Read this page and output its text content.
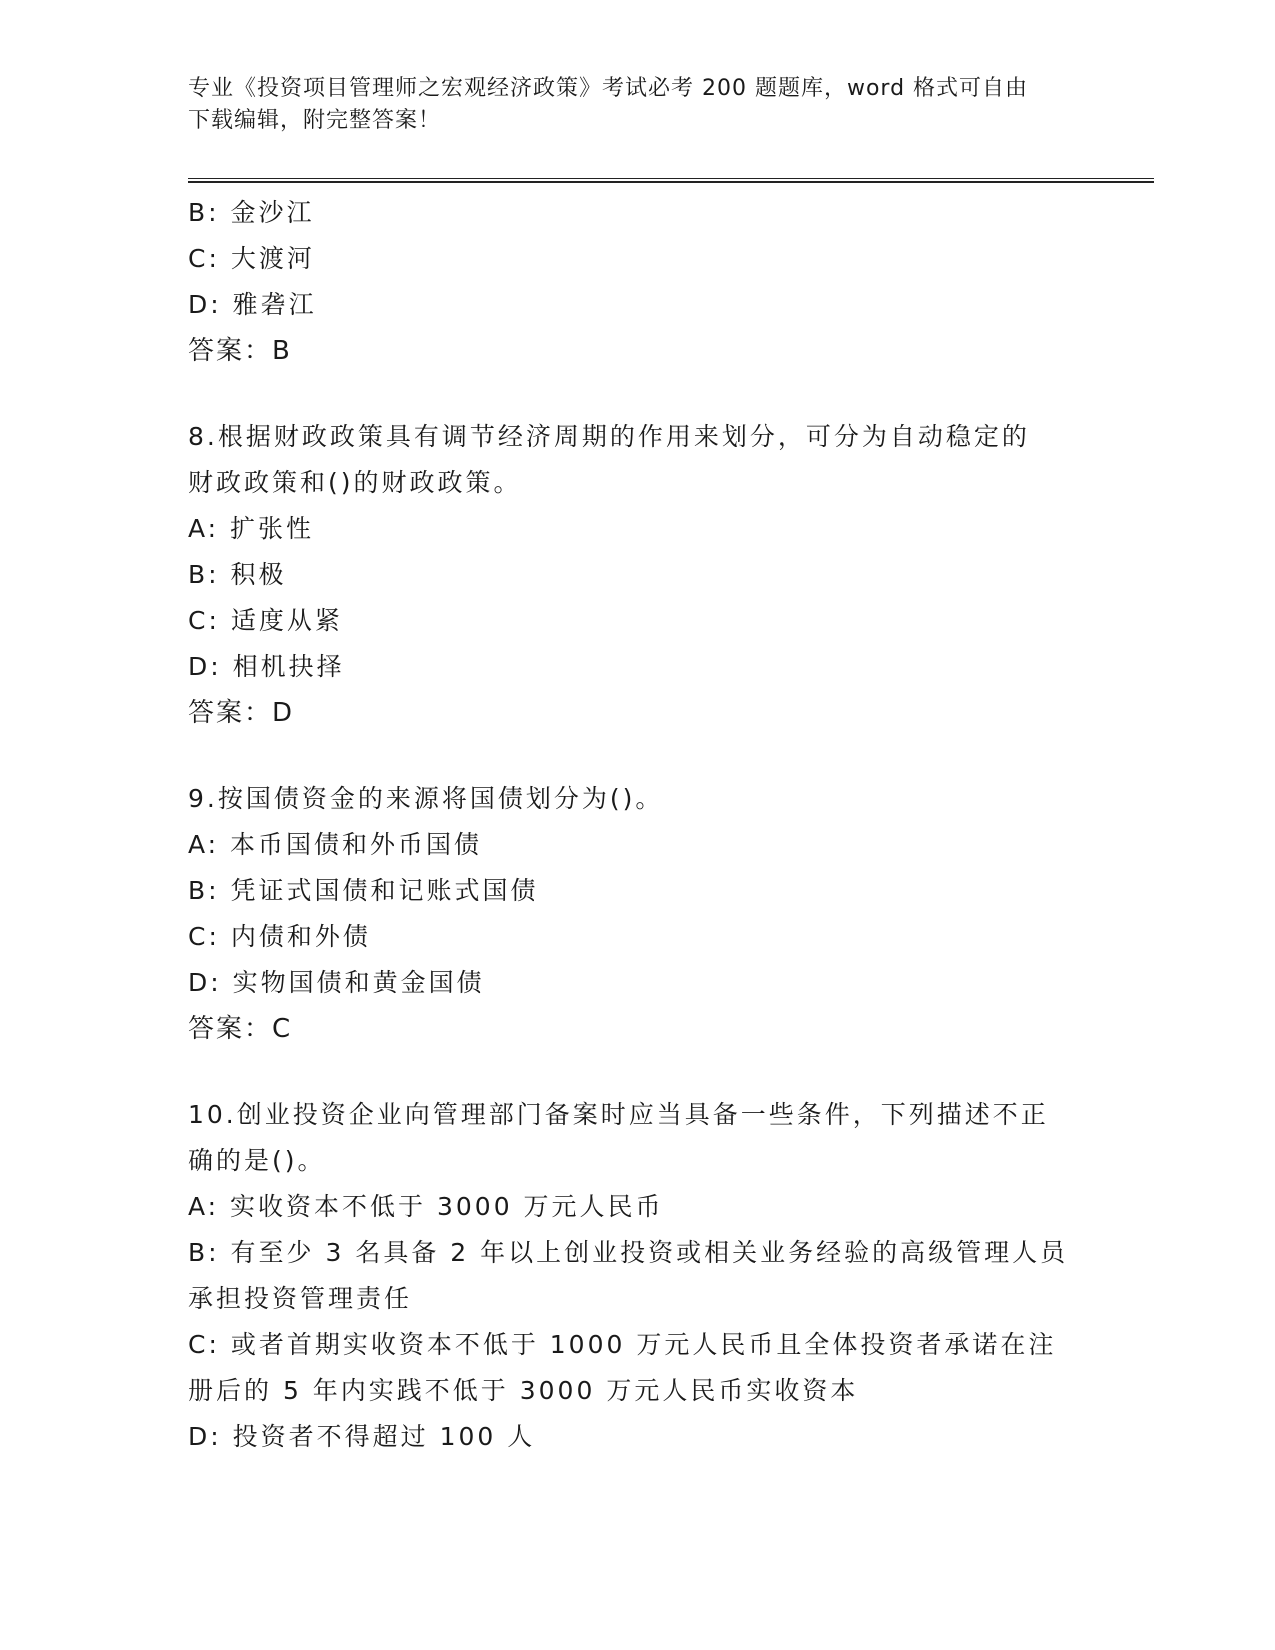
专业《投资项目管理师之宏观经济政策》考试必考 200 题题库，word 格式可自由
下载编辑，附完整答案！
B: 金沙江
C: 大渡河
D: 雅砻江
答案：B
8.根据财政政策具有调节经济周期的作用来划分，可分为自动稳定的
财政政策和()的财政政策。
A: 扩张性
B: 积极
C: 适度从紧
D: 相机抉择
答案：D
9.按国债资金的来源将国债划分为()。
A: 本币国债和外币国债
B: 凭证式国债和记账式国债
C: 内债和外债
D: 实物国债和黄金国债
答案：C
10.创业投资企业向管理部门备案时应当具备一些条件，下列描述不正
确的是()。
A: 实收资本不低于 3000 万元人民币
B: 有至少 3 名具备 2 年以上创业投资或相关业务经验的高级管理人员
承担投资管理责任
C: 或者首期实收资本不低于 1000 万元人民币且全体投资者承诺在注
册后的 5 年内实践不低于 3000 万元人民币实收资本
D: 投资者不得超过 100 人
